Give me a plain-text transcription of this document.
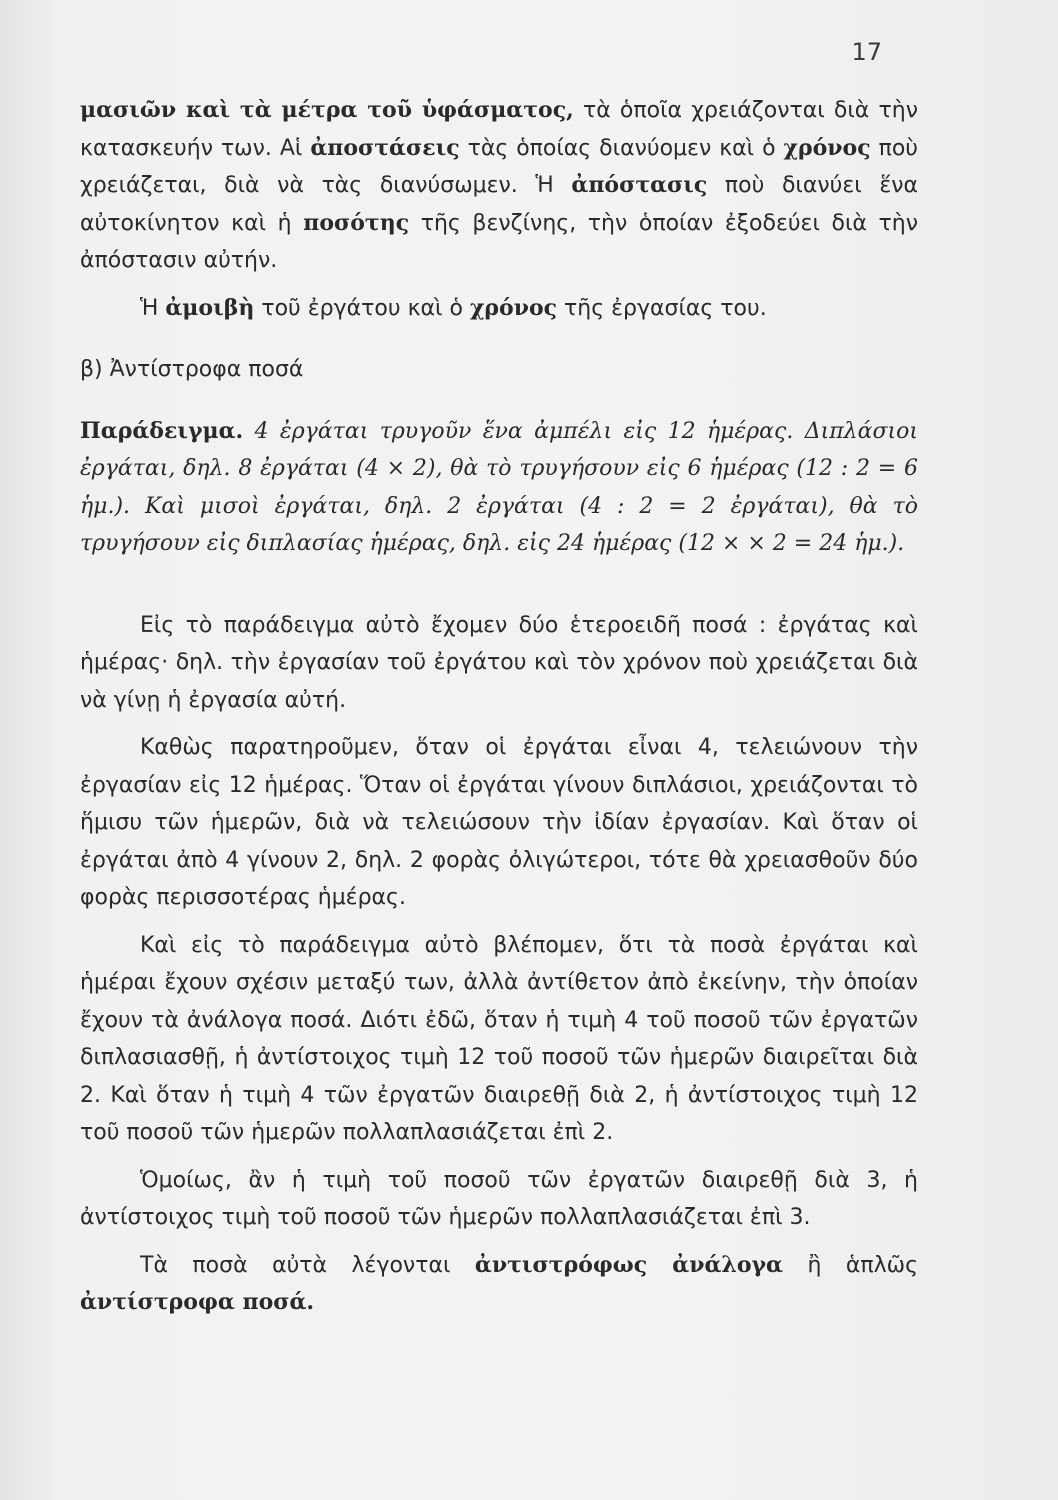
17

μασιῶν καὶ τὰ μέτρα τοῦ ὑφάσματος, τὰ ὁποῖα χρειάζονται διὰ τὴν κατασκευήν των. Αἱ ἀποστάσεις τὰς ὁποίας διανύομεν καὶ ὁ χρόνος ποὺ χρειάζεται, διὰ νὰ τὰς διανύσωμεν. Ἡ ἀπόστασις ποὺ διανύει ἕνα αὐτοκίνητον καὶ ἡ ποσότης τῆς βενζίνης, τὴν ὁποίαν ἐξοδεύει διὰ τὴν ἀπόστασιν αὐτήν.

Ἡ ἀμοιβὴ τοῦ ἐργάτου καὶ ὁ χρόνος τῆς ἐργασίας του.

β) Ἀντίστροφα ποσά

Παράδειγμα. 4 ἐργάται τρυγοῦν ἕνα ἀμπέλι εἰς 12 ἡμέρας. Διπλάσιοι ἐργάται, δηλ. 8 ἐργάται (4 × 2), θὰ τὸ τρυγήσουν εἰς 6 ἡμέρας (12 : 2 = 6 ἡμ.). Καὶ μισοὶ ἐργάται, δηλ. 2 ἐργάται (4 : 2 = 2 ἐργάται), θὰ τὸ τρυγήσουν εἰς διπλασίας ἡμέρας, δηλ. εἰς 24 ἡμέρας (12 × × 2 = 24 ἡμ.).

Εἰς τὸ παράδειγμα αὐτὸ ἔχομεν δύο ἑτεροειδῆ ποσά : ἐργάτας καὶ ἡμέρας· δηλ. τὴν ἐργασίαν τοῦ ἐργάτου καὶ τὸν χρόνον ποὺ χρειάζεται διὰ νὰ γίνῃ ἡ ἐργασία αὐτή.

Καθὼς παρατηροῦμεν, ὅταν οἱ ἐργάται εἶναι 4, τελειώνουν τὴν ἐργασίαν εἰς 12 ἡμέρας. Ὅταν οἱ ἐργάται γίνουν διπλάσιοι, χρειάζονται τὸ ἥμισυ τῶν ἡμερῶν, διὰ νὰ τελειώσουν τὴν ἰδίαν ἐργασίαν. Καὶ ὅταν οἱ ἐργάται ἀπὸ 4 γίνουν 2, δηλ. 2 φορὰς ὀλιγώτεροι, τότε θὰ χρειασθοῦν δύο φορὰς περισσοτέρας ἡμέρας.

Καὶ εἰς τὸ παράδειγμα αὐτὸ βλέπομεν, ὅτι τὰ ποσὰ ἐργάται καὶ ἡμέραι ἔχουν σχέσιν μεταξύ των, ἀλλὰ ἀντίθετον ἀπὸ ἐκείνην, τὴν ὁποίαν ἔχουν τὰ ἀνάλογα ποσά. Διότι ἐδῶ, ὅταν ἡ τιμὴ 4 τοῦ ποσοῦ τῶν ἐργατῶν διπλασιασθῇ, ἡ ἀντίστοιχος τιμὴ 12 τοῦ ποσοῦ τῶν ἡμερῶν διαιρεῖται διὰ 2. Καὶ ὅταν ἡ τιμὴ 4 τῶν ἐργατῶν διαιρεθῇ διὰ 2, ἡ ἀντίστοιχος τιμὴ 12 τοῦ ποσοῦ τῶν ἡμερῶν πολλαπλασιάζεται ἐπὶ 2.

Ὁμοίως, ἂν ἡ τιμὴ τοῦ ποσοῦ τῶν ἐργατῶν διαιρεθῇ διὰ 3, ἡ ἀντίστοιχος τιμὴ τοῦ ποσοῦ τῶν ἡμερῶν πολλαπλασιάζεται ἐπὶ 3.

Τὰ ποσὰ αὐτὰ λέγονται ἀντιστρόφως ἀνάλογα ἢ ἁπλῶς ἀντίστροφα ποσά.
